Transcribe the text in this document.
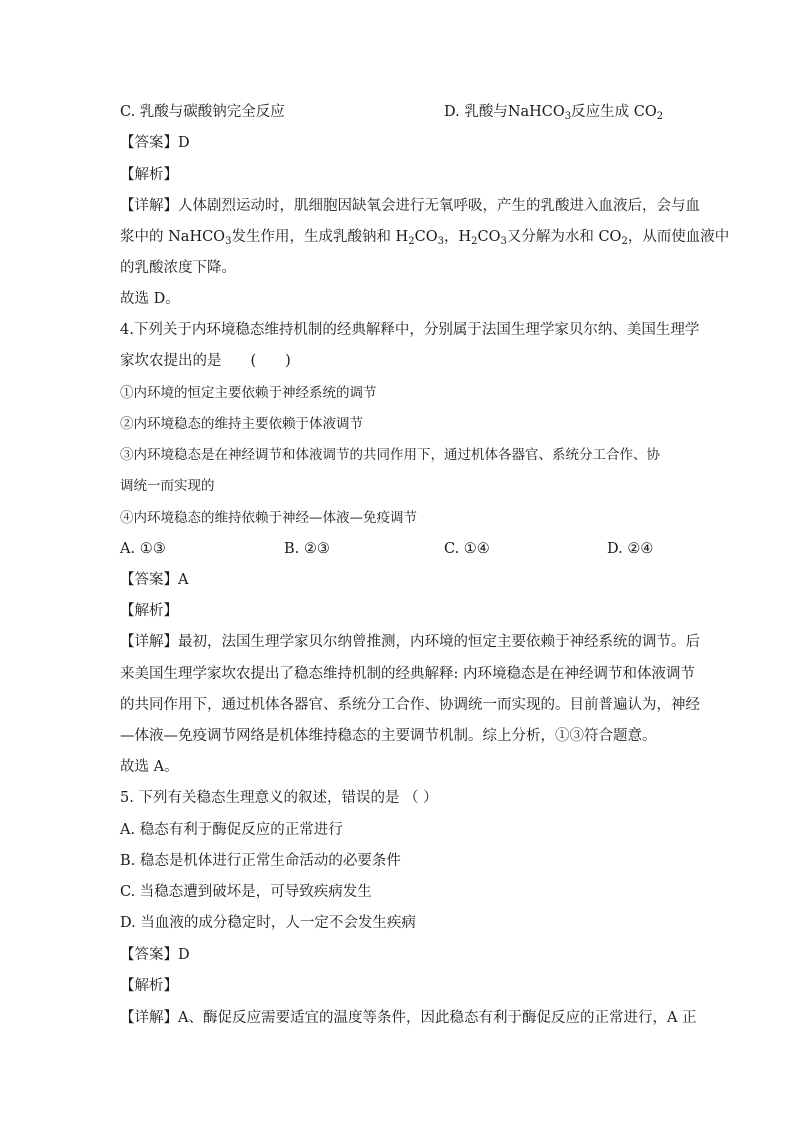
C. 乳酸与碳酸钠完全反应	D. 乳酸与NaHCO$_3$反应生成 $CO_2$
【答案】D
【解析】
【详解】人体剧烈运动时，肌细胞因缺氧会进行无氧呼吸，产生的乳酸进入血液后，会与血
浆中的 NaHCO$_3$发生作用，生成乳酸钠和 $H_2CO_3$，$H_2CO_3$又分解为水和 $CO_2$，从而使血液中
的乳酸浓度下降。
故选 D。
4.下列关于内环境稳态维持机制的经典解释中，分别属于法国生理学家贝尔纳、美国生理学
家坎农提出的是　　(　　)
①内环境的恒定主要依赖于神经系统的调节
②内环境稳态的维持主要依赖于体液调节
③内环境稳态是在神经调节和体液调节的共同作用下，通过机体各器官、系统分工合作、协
调统一而实现的
④内环境稳态的维持依赖于神经—体液—免疫调节
A. ①③	B. ②③	C. ①④	D. ②④
【答案】A
【解析】
【详解】最初，法国生理学家贝尔纳曾推测，内环境的恒定主要依赖于神经系统的调节。后
来美国生理学家坎农提出了稳态维持机制的经典解释: 内环境稳态是在神经调节和体液调节
的共同作用下，通过机体各器官、系统分工合作、协调统一而实现的。目前普遍认为，神经
—体液—免疫调节网络是机体维持稳态的主要调节机制。综上分析，①③符合题意。
故选 A。
5. 下列有关稳态生理意义的叙述，错误的是 （ ）
A. 稳态有利于酶促反应的正常进行
B. 稳态是机体进行正常生命活动的必要条件
C. 当稳态遭到破坏是，可导致疾病发生
D. 当血液的成分稳定时，人一定不会发生疾病
【答案】D
【解析】
【详解】A、酶促反应需要适宜的温度等条件，因此稳态有利于酶促反应的正常进行，A 正
